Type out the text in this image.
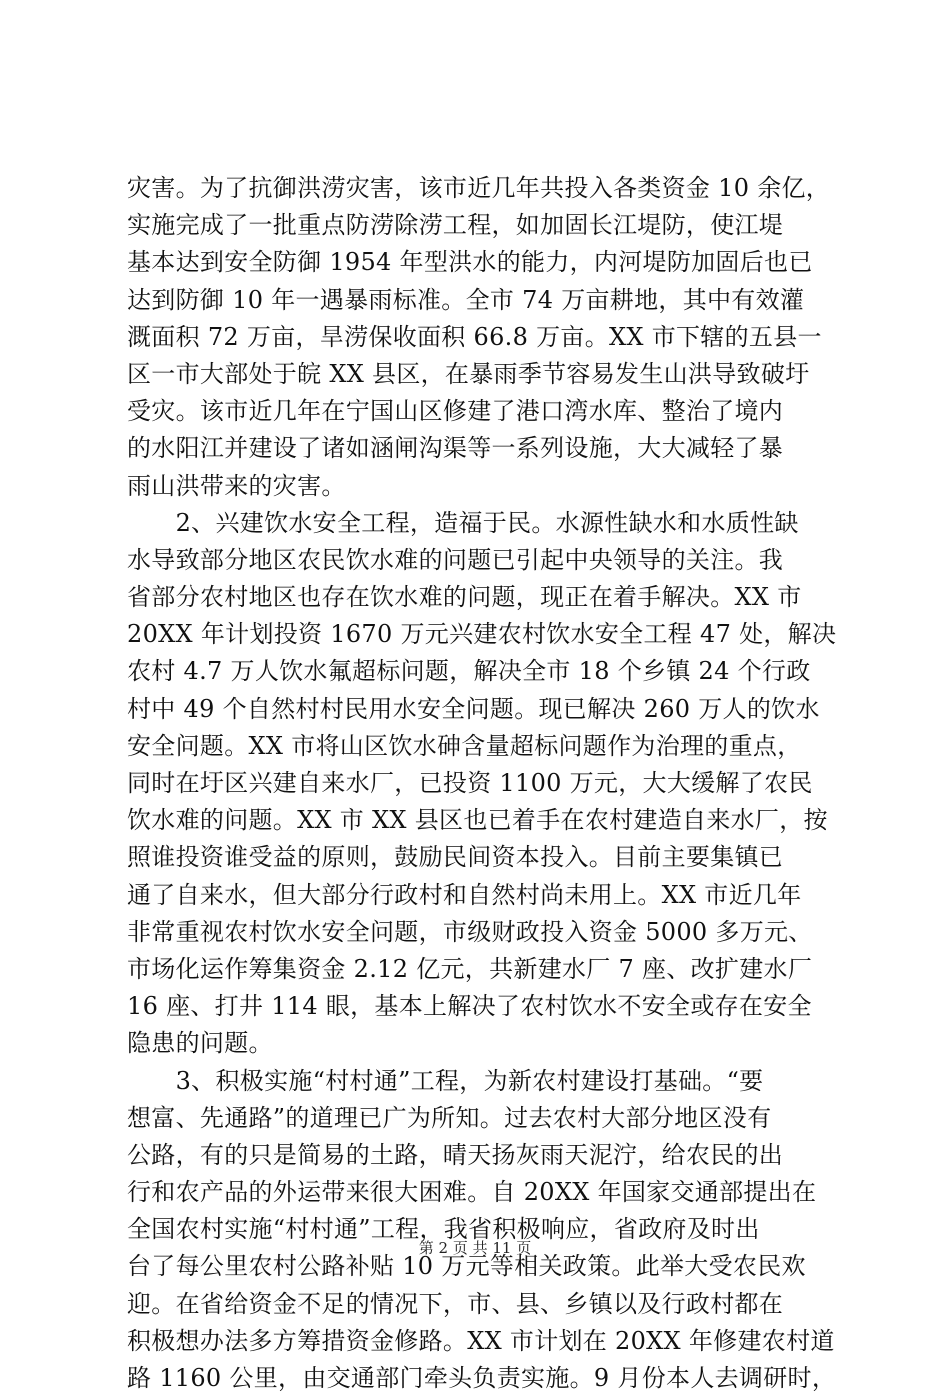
灾害。为了抗御洪涝灾害，该市近几年共投入各类资金 10 余亿，
实施完成了一批重点防涝除涝工程，如加固长江堤防，使江堤
基本达到安全防御 1954 年型洪水的能力，内河堤防加固后也已
达到防御 10 年一遇暴雨标准。全市 74 万亩耕地，其中有效灌
溉面积 72 万亩，旱涝保收面积 66.8 万亩。XX 市下辖的五县一
区一市大部处于皖 XX 县区，在暴雨季节容易发生山洪导致破圩
受灾。该市近几年在宁国山区修建了港口湾水库、整治了境内
的水阳江并建设了诸如涵闸沟渠等一系列设施，大大减轻了暴
雨山洪带来的灾害。
　　2、兴建饮水安全工程，造福于民。水源性缺水和水质性缺
水导致部分地区农民饮水难的问题已引起中央领导的关注。我
省部分农村地区也存在饮水难的问题，现正在着手解决。XX 市
20XX 年计划投资 1670 万元兴建农村饮水安全工程 47 处，解决
农村 4.7 万人饮水氟超标问题，解决全市 18 个乡镇 24 个行政
村中 49 个自然村村民用水安全问题。现已解决 260 万人的饮水
安全问题。XX 市将山区饮水砷含量超标问题作为治理的重点，
同时在圩区兴建自来水厂，已投资 1100 万元，大大缓解了农民
饮水难的问题。XX 市 XX 县区也已着手在农村建造自来水厂，按
照谁投资谁受益的原则，鼓励民间资本投入。目前主要集镇已
通了自来水，但大部分行政村和自然村尚未用上。XX 市近几年
非常重视农村饮水安全问题，市级财政投入资金 5000 多万元、
市场化运作筹集资金 2.12 亿元，共新建水厂 7 座、改扩建水厂
16 座、打井 114 眼，基本上解决了农村饮水不安全或存在安全
隐患的问题。
　　3、积极实施“村村通”工程，为新农村建设打基础。“要
想富、先通路”的道理已广为所知。过去农村大部分地区没有
公路，有的只是简易的土路，晴天扬灰雨天泥泞，给农民的出
行和农产品的外运带来很大困难。自 20XX 年国家交通部提出在
全国农村实施“村村通”工程，我省积极响应，省政府及时出
台了每公里农村公路补贴 10 万元等相关政策。此举大受农民欢
迎。在省给资金不足的情况下，市、县、乡镇以及行政村都在
积极想办法多方筹措资金修路。XX 市计划在 20XX 年修建农村道
路 1160 公里，由交通部门牵头负责实施。9 月份本人去调研时，
第 2 页 共 11 页
